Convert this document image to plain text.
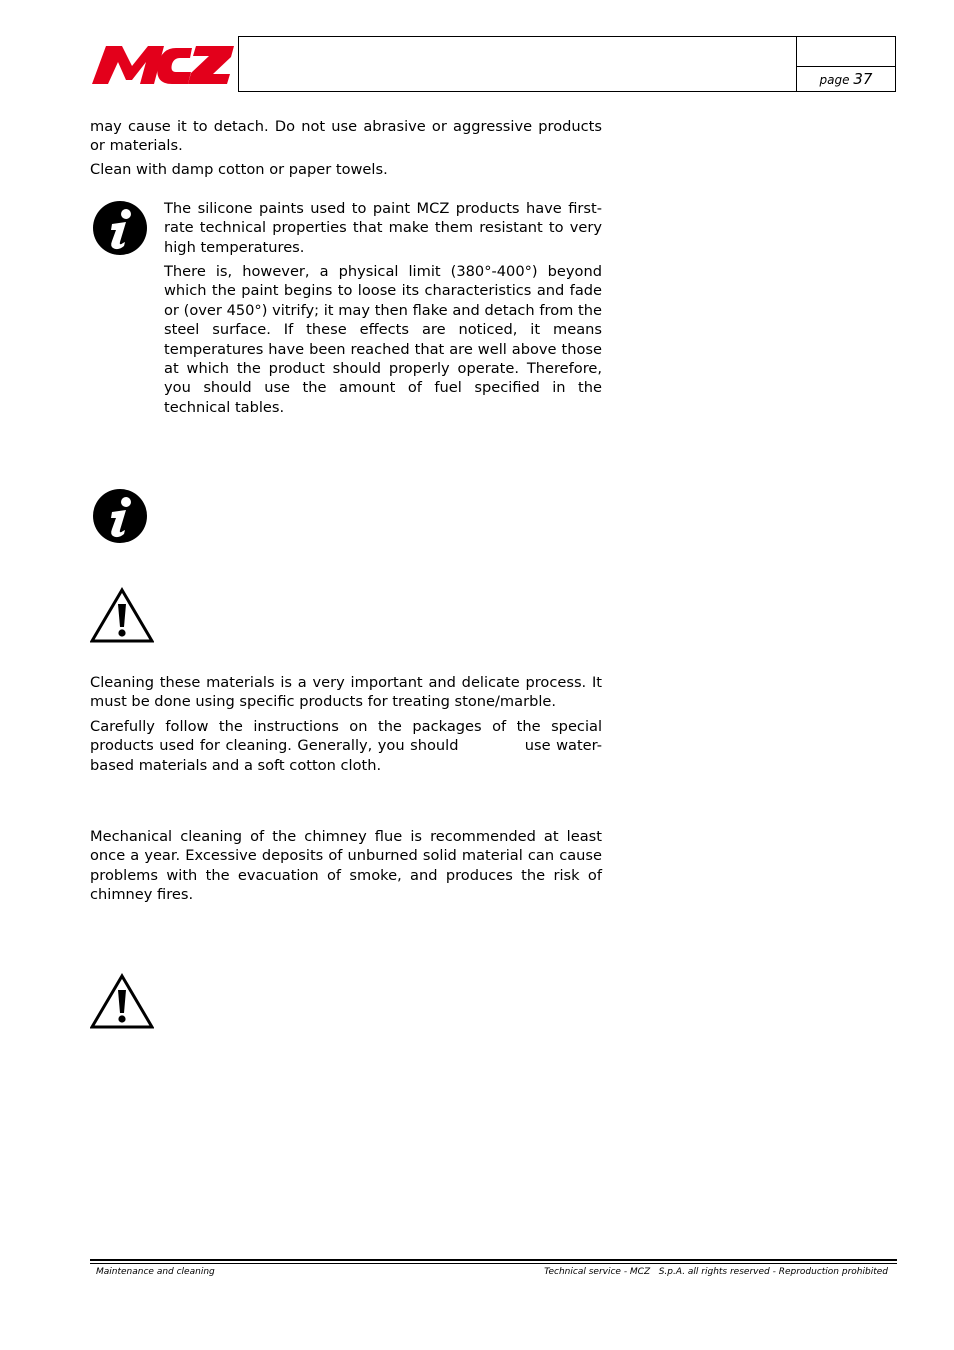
page 37

may cause it to detach. Do not use abrasive or aggressive products or materials.

Clean with damp cotton or paper towels.

The silicone paints used to paint MCZ products have first-rate technical properties that make them resistant to very high temperatures.

There is, however, a physical limit (380°-400°) beyond which the paint begins to loose its characteristics and fade or (over 450°) vitrify; it may then flake and detach from the steel surface. If these effects are noticed, it means temperatures have been reached that are well above those at which the product should properly operate. Therefore, you should use the amount of fuel specified in the technical tables.

Cleaning these materials is a very important and delicate process. It must be done using specific products for treating stone/marble.

Carefully follow the instructions on the packages of the special products used for cleaning. Generally, you should            use water-based materials and a soft cotton cloth.

Mechanical cleaning of the chimney flue is recommended at least once a year. Excessive deposits of unburned solid material can cause problems with the evacuation of smoke, and produces the risk of chimney fires.

Maintenance and cleaning	Technical service - MCZ   S.p.A. all rights reserved - Reproduction prohibited
